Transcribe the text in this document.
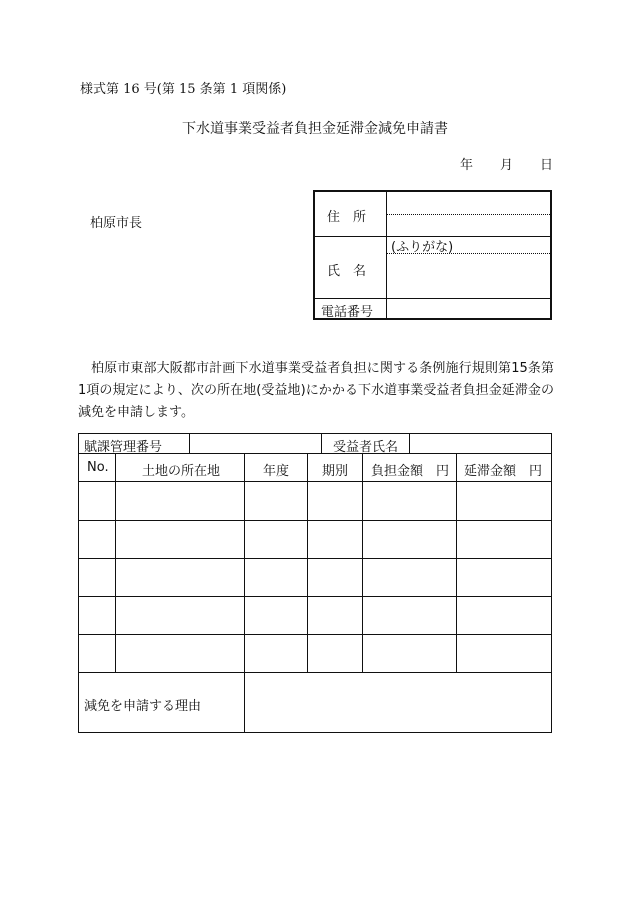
様式第 16 号(第 15 条第 1 項関係)
下水道事業受益者負担金延滞金減免申請書
年 月 日
柏原市長	住　所
(ふりがな)
氏　名
電話番号
柏原市東部大阪都市計画下水道事業受益者負担に関する条例施行規則第15条第1項の規定により、次の所在地(受益地)にかかる下水道事業受益者負担金延滞金の減免を申請します。
賦課管理番号	受益者氏名
No.	土地の所在地	年度	期別 負担金額　円 延滞金額　円
減免を申請する理由
